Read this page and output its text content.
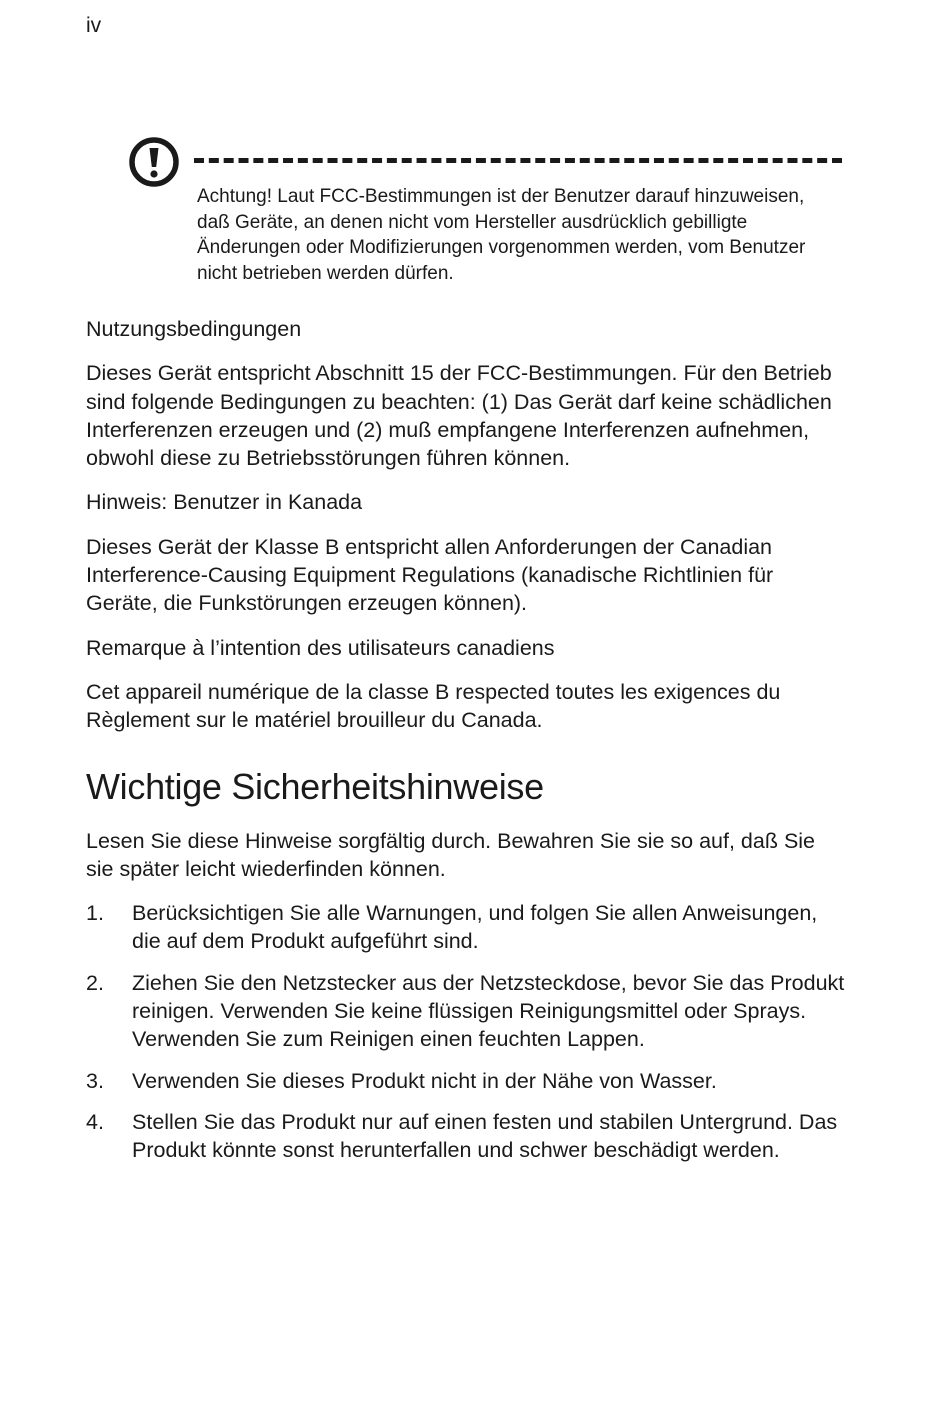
iv
Achtung! Laut FCC-Bestimmungen ist der Benutzer darauf hinzuweisen, daß Geräte, an denen nicht vom Hersteller ausdrücklich gebilligte Änderungen oder Modifizierungen vorgenommen werden, vom Benutzer nicht betrieben werden dürfen.

Nutzungsbedingungen

Dieses Gerät entspricht Abschnitt 15 der FCC-Bestimmungen. Für den Betrieb sind folgende Bedingungen zu beachten: (1) Das Gerät darf keine schädlichen Interferenzen erzeugen und (2) muß empfangene Interferenzen aufnehmen, obwohl diese zu Betriebsstörungen führen können.

Hinweis: Benutzer in Kanada

Dieses Gerät der Klasse B entspricht allen Anforderungen der Canadian Interference-Causing Equipment Regulations (kanadische Richtlinien für Geräte, die Funkstörungen erzeugen können).

Remarque à l’intention des utilisateurs canadiens

Cet appareil numérique de la classe B respected toutes les exigences du Règlement sur le matériel brouilleur du Canada.

Wichtige Sicherheitshinweise

Lesen Sie diese Hinweise sorgfältig durch. Bewahren Sie sie so auf, daß Sie sie später leicht wiederfinden können.

1. Berücksichtigen Sie alle Warnungen, und folgen Sie allen Anweisungen, die auf dem Produkt aufgeführt sind.
2. Ziehen Sie den Netzstecker aus der Netzsteckdose, bevor Sie das Produkt reinigen. Verwenden Sie keine flüssigen Reinigungsmittel oder Sprays. Verwenden Sie zum Reinigen einen feuchten Lappen.
3. Verwenden Sie dieses Produkt nicht in der Nähe von Wasser.
4. Stellen Sie das Produkt nur auf einen festen und stabilen Untergrund. Das Produkt könnte sonst herunterfallen und schwer beschädigt werden.
